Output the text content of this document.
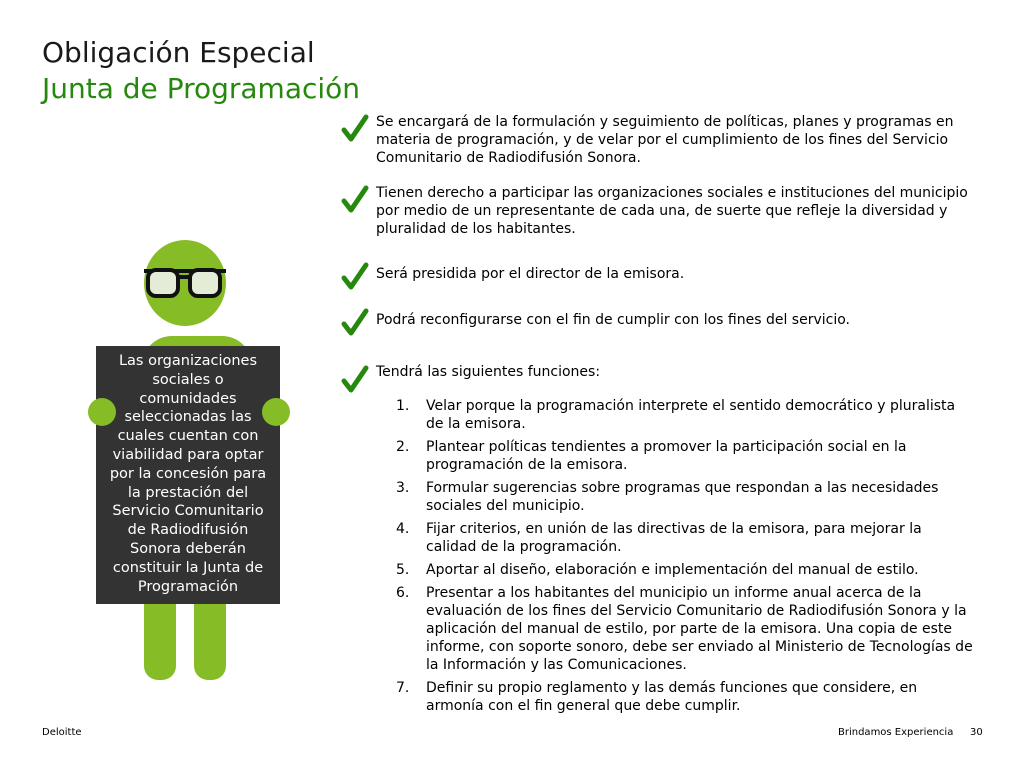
Obligación Especial
Junta de Programación
Las organizaciones sociales o comunidades seleccionadas las cuales cuentan con viabilidad para optar por la concesión para la prestación del Servicio Comunitario de Radiodifusión Sonora deberán constituir la Junta de Programación
Se encargará de la formulación y seguimiento de políticas, planes y programas en materia de programación, y de velar por el cumplimiento de los fines del Servicio Comunitario de Radiodifusión Sonora.
Tienen derecho a participar las organizaciones sociales e instituciones del municipio por medio de un representante de cada una, de suerte que refleje la diversidad y pluralidad de los habitantes.
Será presidida por el director de la emisora.
Podrá reconfigurarse con el fin de cumplir con los fines del servicio.
Tendrá las siguientes funciones:
1. Velar porque la programación interprete el sentido democrático y pluralista de la emisora.
2. Plantear políticas tendientes a promover la participación social en la programación de la emisora.
3. Formular sugerencias sobre programas que respondan a las necesidades sociales del municipio.
4. Fijar criterios, en unión de las directivas de la emisora, para mejorar la calidad de la programación.
5. Aportar al diseño, elaboración e implementación del manual de estilo.
6. Presentar a los habitantes del municipio un informe anual acerca de la evaluación de los fines del Servicio Comunitario de Radiodifusión Sonora y la aplicación del manual de estilo, por parte de la emisora. Una copia de este informe, con soporte sonoro, debe ser enviado al Ministerio de Tecnologías de la Información y las Comunicaciones.
7. Definir su propio reglamento y las demás funciones que considere, en armonía con el fin general que debe cumplir.
Deloitte	Brindamos Experiencia 30
